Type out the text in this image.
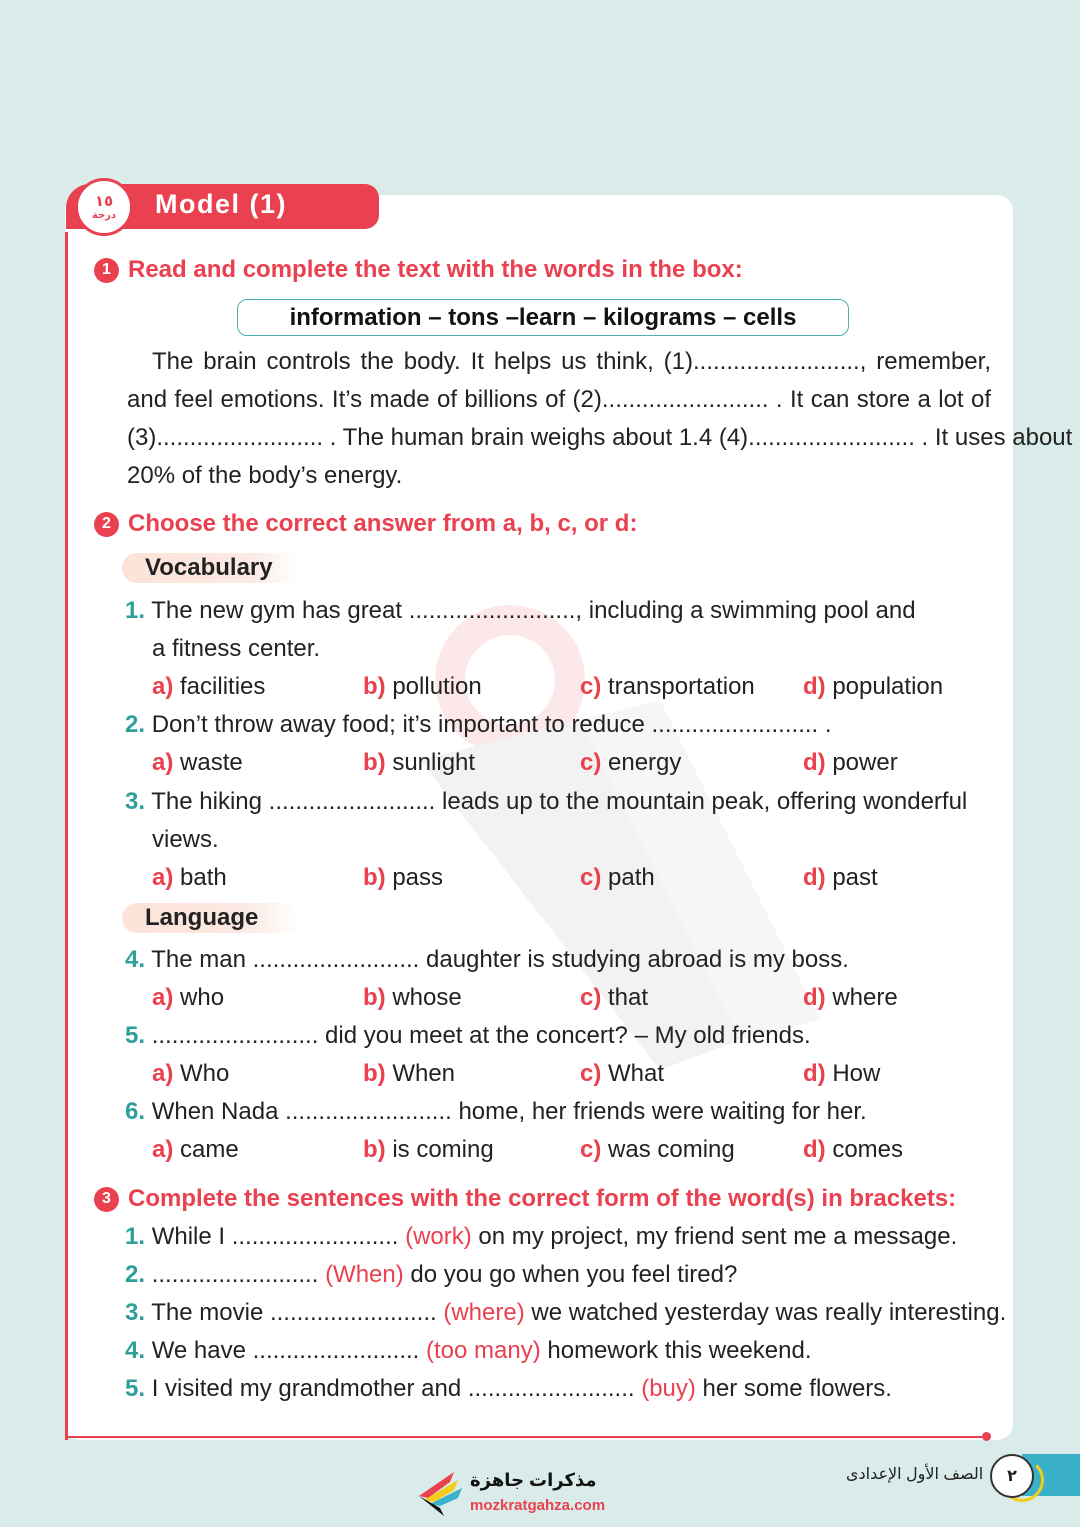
Model (1)
١٥
درجة
1 Read and complete the text with the words in the box:
information – tons –learn – kilograms – cells
The brain controls the body. It helps us think, (1)........................., remember,
and feel emotions. It’s made of billions of (2)......................... . It can store a lot of
(3)......................... . The human brain weighs about 1.4 (4)......................... . It uses about
20% of the body’s energy.
2 Choose the correct answer from a, b, c, or d:
Vocabulary
1. The new gym has great ........................., including a swimming pool and
a fitness center.
a) facilities	b) pollution	c) transportation d) population
2. Don’t throw away food; it’s important to reduce ......................... .
a) waste	b) sunlight	c) energy	d) power
3. The hiking ......................... leads up to the mountain peak, offering wonderful
views.
a) bath	b) pass	c) path	d) past
Language
4. The man ......................... daughter is studying abroad is my boss.
a) who	b) whose	c) that	d) where
5. ......................... did you meet at the concert? – My old friends.
a) Who	b) When	c) What	d) How
6. When Nada ......................... home, her friends were waiting for her.
a) came	b) is coming	c) was coming	d) comes
3 Complete the sentences with the correct form of the word(s) in brackets:
1. While I ......................... (work) on my project, my friend sent me a message.
2. ......................... (When) do you go when you feel tired?
3. The movie ......................... (where) we watched yesterday was really interesting.
4. We have ......................... (too many) homework this weekend.
5. I visited my grandmother and ......................... (buy) her some flowers.
مذكرات جاهزة
mozkratgahza.com
الصف الأول الإعدادى	٢
